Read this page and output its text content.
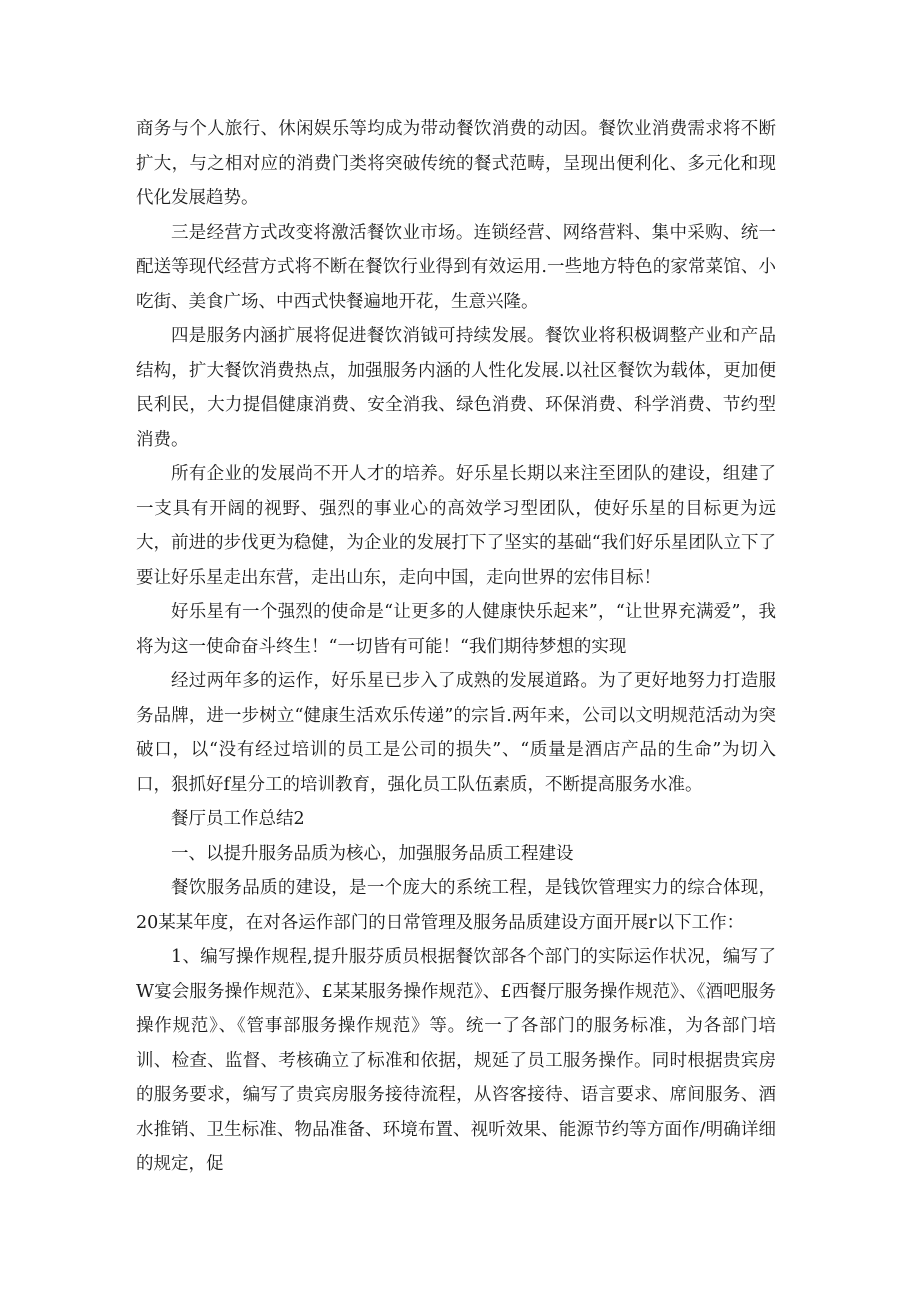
商务与个人旅行、休闲娱乐等均成为带动餐饮消费的动因。餐饮业消费需求将不断扩大，与之相对应的消费门类将突破传统的餐式范畴，呈现出便利化、多元化和现代化发展趋势。

三是经营方式改变将激活餐饮业市场。连锁经营、网络营料、集中采购、统一配送等现代经营方式将不断在餐饮行业得到有效运用.一些地方特色的家常菜馆、小吃街、美食广场、中西式快餐遍地开花，生意兴隆。

四是服务内涵扩展将促进餐饮消钺可持续发展。餐饮业将积极调整产业和产品结构，扩大餐饮消费热点，加强服务内涵的人性化发展.以社区餐饮为载体，更加便民利民，大力提倡健康消费、安全消我、绿色消费、环保消费、科学消费、节约型消费。

所有企业的发展尚不开人才的培养。好乐星长期以来注至团队的建设，组建了一支具有开阔的视野、强烈的事业心的高效学习型团队，使好乐星的目标更为远大，前进的步伐更为稳健，为企业的发展打下了坚实的基础“我们好乐星团队立下了要让好乐星走出东营，走出山东，走向中国，走向世界的宏伟目标！

好乐星有一个强烈的使命是“让更多的人健康快乐起来”，“让世界充满爱”，我将为这一使命奋斗终生！“一切皆有可能！“我们期待梦想的实现

经过两年多的运作，好乐星已步入了成熟的发展道路。为了更好地努力打造服务品牌，进一步树立“健康生活欢乐传递”的宗旨.两年来，公司以文明规范活动为突破口，以“没有经过培训的员工是公司的损失”、“质量是酒店产品的生命”为切入口，狠抓好f星分工的培训教育，强化员工队伍素质，不断提高服务水准。

餐厅员工作总结2

一、以提升服务品质为核心，加强服务品质工程建设

餐饮服务品质的建设，是一个庞大的系统工程，是钱饮管理实力的综合体现，20某某年度，在对各运作部门的日常管理及服务品质建设方面开展r以下工作：

1、编写操作规程,提升服芬质员根据餐饮部各个部门的实际运作状况，编写了W宴会服务操作规范》、£某某服务操作规范》、£西餐厅服务操作规范》、《酒吧服务操作规范》、《管事部服务操作规范》等。统一了各部门的服务标准，为各部门培训、检查、监督、考核确立了标准和依据，规延了员工服务操作。同时根据贵宾房的服务要求，编写了贵宾房服务接待流程，从咨客接待、语言要求、席间服务、酒水推销、卫生标准、物品准备、环境布置、视听效果、能源节约等方面作/明确详细的规定，促
